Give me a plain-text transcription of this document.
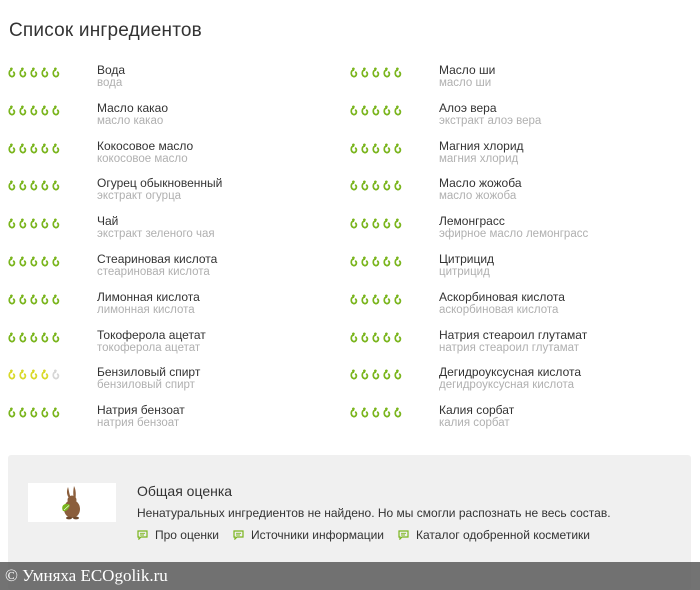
Список ингредиентов
Вода
вода
Масло какао
масло какао
Кокосовое масло
кокосовое масло
Огурец обыкновенный
экстракт огурца
Чай
экстракт зеленого чая
Стеариновая кислота
стеариновая кислота
Лимонная кислота
лимонная кислота
Токоферола ацетат
токоферола ацетат
Бензиловый спирт
бензиловый спирт
Натрия бензоат
натрия бензоат
Масло ши
масло ши
Алоэ вера
экстракт алоэ вера
Магния хлорид
магния хлорид
Масло жожоба
масло жожоба
Лемонграсс
эфирное масло лемонграсс
Цитрицид
цитрицид
Аскорбиновая кислота
аскорбиновая кислота
Натрия стеароил глутамат
натрия стеароил глутамат
Дегидроуксусная кислота
дегидроуксусная кислота
Калия сорбат
калия сорбат
Общая оценка
Ненатуральных ингредиентов не найдено. Но мы смогли распознать не весь состав.
Про оценки	Источники информации	Каталог одобренной косметики
© Умняха ECOgolik.ru
